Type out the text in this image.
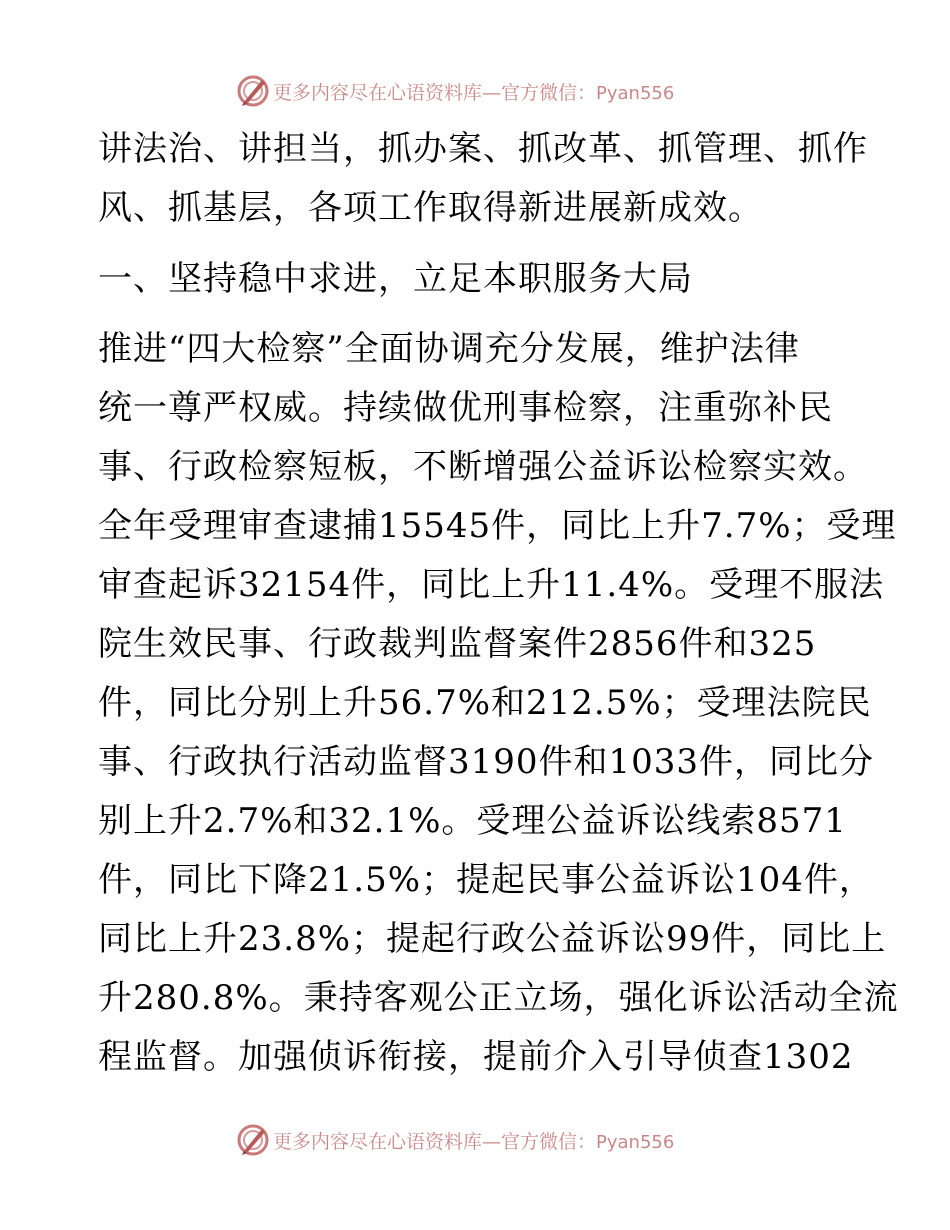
更多内容尽在心语资料库—官方微信：Pyan556
讲法治、讲担当，抓办案、抓改革、抓管理、抓作
风、抓基层，各项工作取得新进展新成效。
一、坚持稳中求进，立足本职服务大局
推进“四大检察”全面协调充分发展，维护法律
统一尊严权威。持续做优刑事检察，注重弥补民
事、行政检察短板，不断增强公益诉讼检察实效。
全年受理审查逮捕15545件，同比上升7.7%；受理
审查起诉32154件，同比上升11.4%。受理不服法
院生效民事、行政裁判监督案件2856件和325
件，同比分别上升56.7%和212.5%；受理法院民
事、行政执行活动监督3190件和1033件，同比分
别上升2.7%和32.1%。受理公益诉讼线索8571
件，同比下降21.5%；提起民事公益诉讼104件，
同比上升23.8%；提起行政公益诉讼99件，同比上
升280.8%。秉持客观公正立场，强化诉讼活动全流
程监督。加强侦诉衔接，提前介入引导侦查1302
更多内容尽在心语资料库—官方微信：Pyan556
